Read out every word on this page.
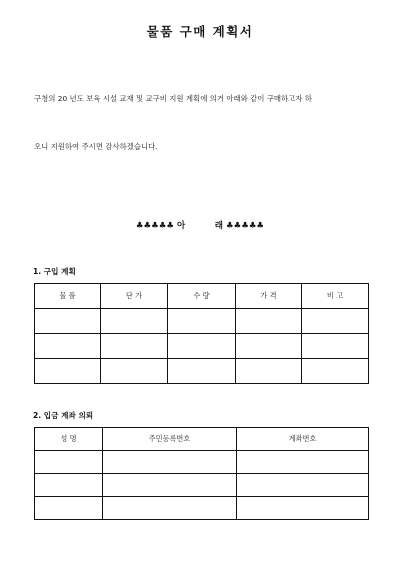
물품 구매 계획서

구청의 20 년도 보육 시설 교재 및 교구비 지원 계획에 의거 아래와 같이 구매하고자 하

오니 지원하여 주시면 감사하겠습니다.

♣♣♣♣♣ 아          래 ♣♣♣♣♣
1. 구입 계획
물 품	단 가	수 량	가 격	비 고

2. 입금 계좌 의뢰
성 명	주민등록번호	계좌번호
